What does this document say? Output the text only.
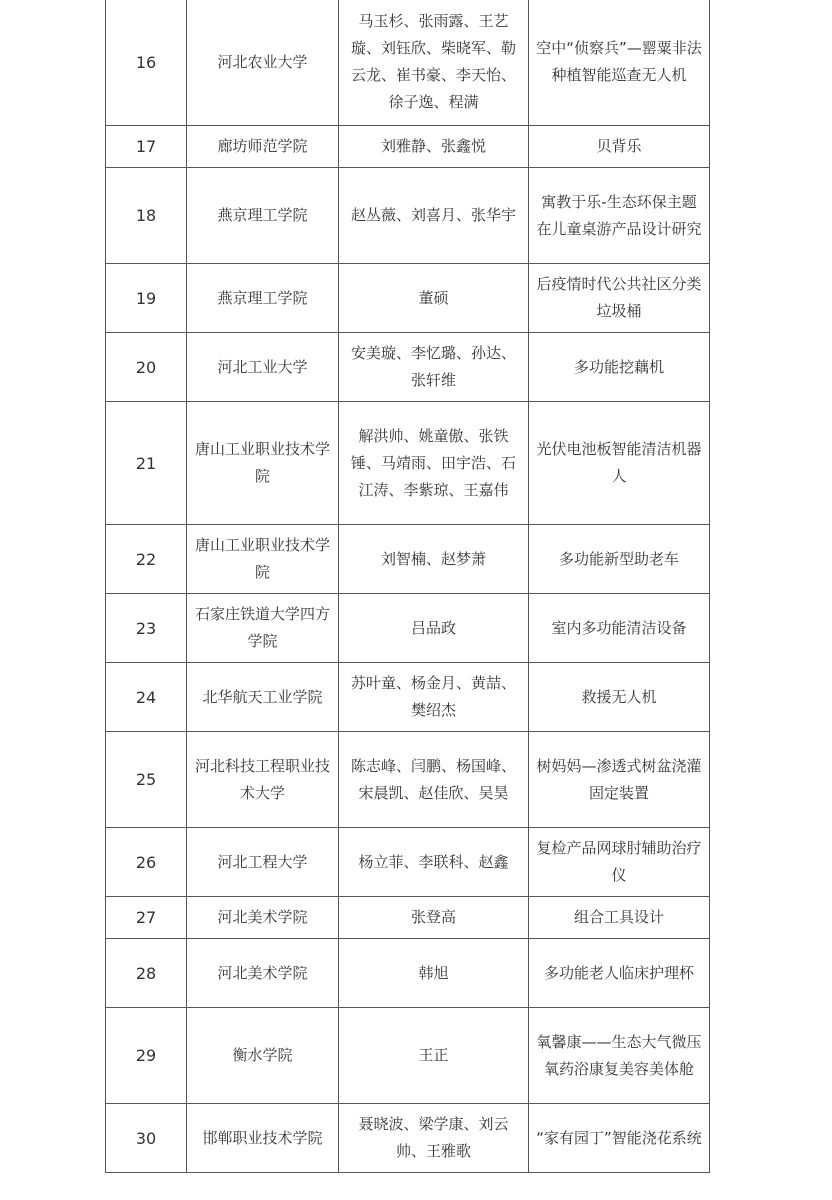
16	河北农业大学	马玉杉、张雨露、王艺璇、刘钰欣、柴晓军、勒云龙、崔书豪、李天怡、徐子逸、程满	空中“侦察兵”—罂粟非法种植智能巡查无人机
17	廊坊师范学院	刘雅静、张鑫悦	贝背乐
18	燕京理工学院	赵丛薇、刘喜月、张华宇	寓教于乐-生态环保主题在儿童桌游产品设计研究
19	燕京理工学院	董硕	后疫情时代公共社区分类垃圾桶
20	河北工业大学	安美璇、李忆璐、孙达、张轩维	多功能挖藕机
21	唐山工业职业技术学院	解洪帅、姚童傲、张铁锤、马靖雨、田宇浩、石江涛、李紫琼、王嘉伟	光伏电池板智能清洁机器人
22	唐山工业职业技术学院	刘智楠、赵梦萧	多功能新型助老车
23	石家庄铁道大学四方学院	吕品政	室内多功能清洁设备
24	北华航天工业学院	苏叶童、杨金月、黄喆、樊绍杰	救援无人机
25	河北科技工程职业技术大学	陈志峰、闫鹏、杨国峰、宋晨凯、赵佳欣、吴昊	树妈妈—渗透式树盆浇灌固定装置
26	河北工程大学	杨立菲、李联科、赵鑫	复检产品网球肘辅助治疗仪
27	河北美术学院	张登高	组合工具设计
28	河北美术学院	韩旭	多功能老人临床护理杯
29	衡水学院	王正	氧馨康——生态大气微压氧药浴康复美容美体舱
30	邯郸职业技术学院	聂晓波、梁学康、刘云帅、王雅歌	“家有园丁”智能浇花系统
